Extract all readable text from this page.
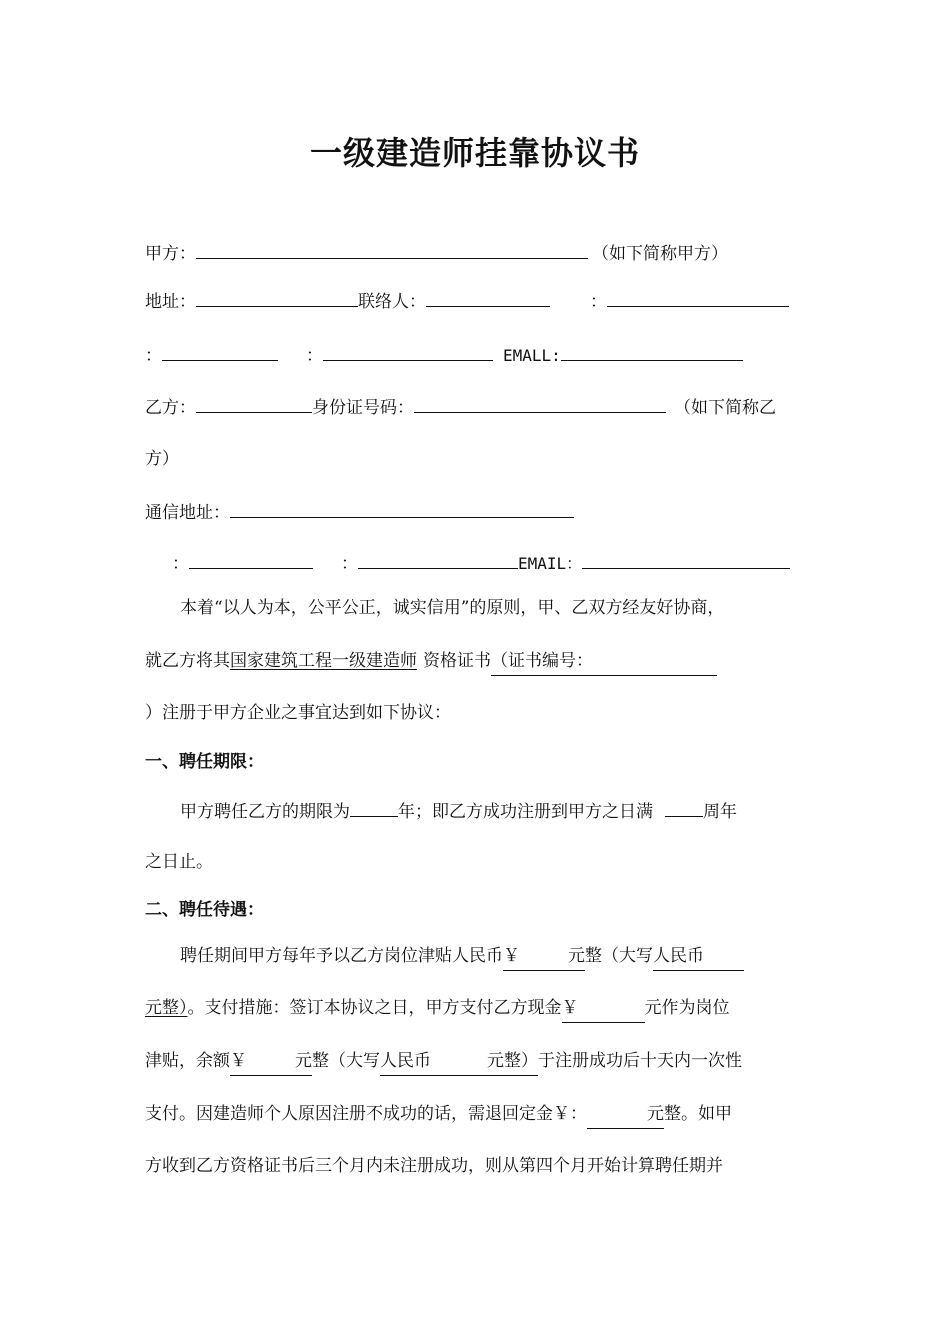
一级建造师挂靠协议书
甲方：	（如下简称甲方）
地址：	联络人：	：
：	：	EMALL:
乙方：	身份证号码：	（如下简称乙
方）
通信地址：
：	：	EMAIL：
本着“以人为本，公平公正，诚实信用”的原则，甲、乙双方经友好协商，
就乙方将其国家建筑工程一级建造师 资格证书（证书编号：
）注册于甲方企业之事宜达到如下协议：
一、聘任期限：
甲方聘任乙方的期限为	年；即乙方成功注册到甲方之日满	周年
之日止。
二、聘任待遇：
聘任期间甲方每年予以乙方岗位津贴人民币￥	元整（大写人民币
元整）。支付措施：签订本协议之日，甲方支付乙方现金￥	元作为岗位
津贴，余额￥	元整（大写人民币	元整）于注册成功后十天内一次性
支付。因建造师个人原因注册不成功的话，需退回定金￥：	元整。如甲
方收到乙方资格证书后三个月内未注册成功，则从第四个月开始计算聘任期并
